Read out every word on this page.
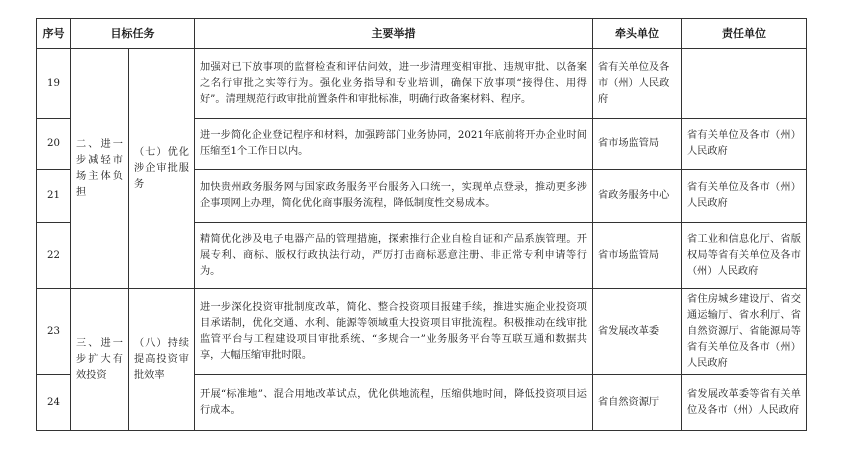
序号	目标任务		主要举措	牵头单位	责任单位
19	二、进一步减轻市场主体负担	（七）优化涉企审批服务	加强对已下放事项的监督检查和评估问效，进一步清理变相审批、违规审批、以备案之名行审批之实等行为。强化业务指导和专业培训，确保下放事项“接得住、用得好”。清理规范行政审批前置条件和审批标准，明确行政备案材料、程序。	省有关单位及各市（州）人民政府	
20			进一步简化企业登记程序和材料，加强跨部门业务协同，2021年底前将开办企业时间压缩至1个工作日以内。	省市场监管局	省有关单位及各市（州）人民政府
21			加快贵州政务服务网与国家政务服务平台服务入口统一，实现单点登录，推动更多涉企事项网上办理，简化优化商事服务流程，降低制度性交易成本。	省政务服务中心	省有关单位及各市（州）人民政府
22			精简优化涉及电子电器产品的管理措施，探索推行企业自检自证和产品系族管理。开展专利、商标、版权行政执法行动，严厉打击商标恶意注册、非正常专利申请等行为。	省市场监管局	省工业和信息化厅、省版权局等省有关单位及各市（州）人民政府
23	三、进一步扩大有效投资	（八）持续提高投资审批效率	进一步深化投资审批制度改革，简化、整合投资项目报建手续，推进实施企业投资项目承诺制，优化交通、水利、能源等领域重大投资项目审批流程。积极推动在线审批监管平台与工程建设项目审批系统、“多规合一”业务服务平台等互联互通和数据共享，大幅压缩审批时限。	省发展改革委	省住房城乡建设厅、省交通运输厅、省水利厅、省自然资源厅、省能源局等省有关单位及各市（州）人民政府
24			开展“标准地”、混合用地改革试点，优化供地流程，压缩供地时间，降低投资项目运行成本。	省自然资源厅	省发展改革委等省有关单位及各市（州）人民政府
